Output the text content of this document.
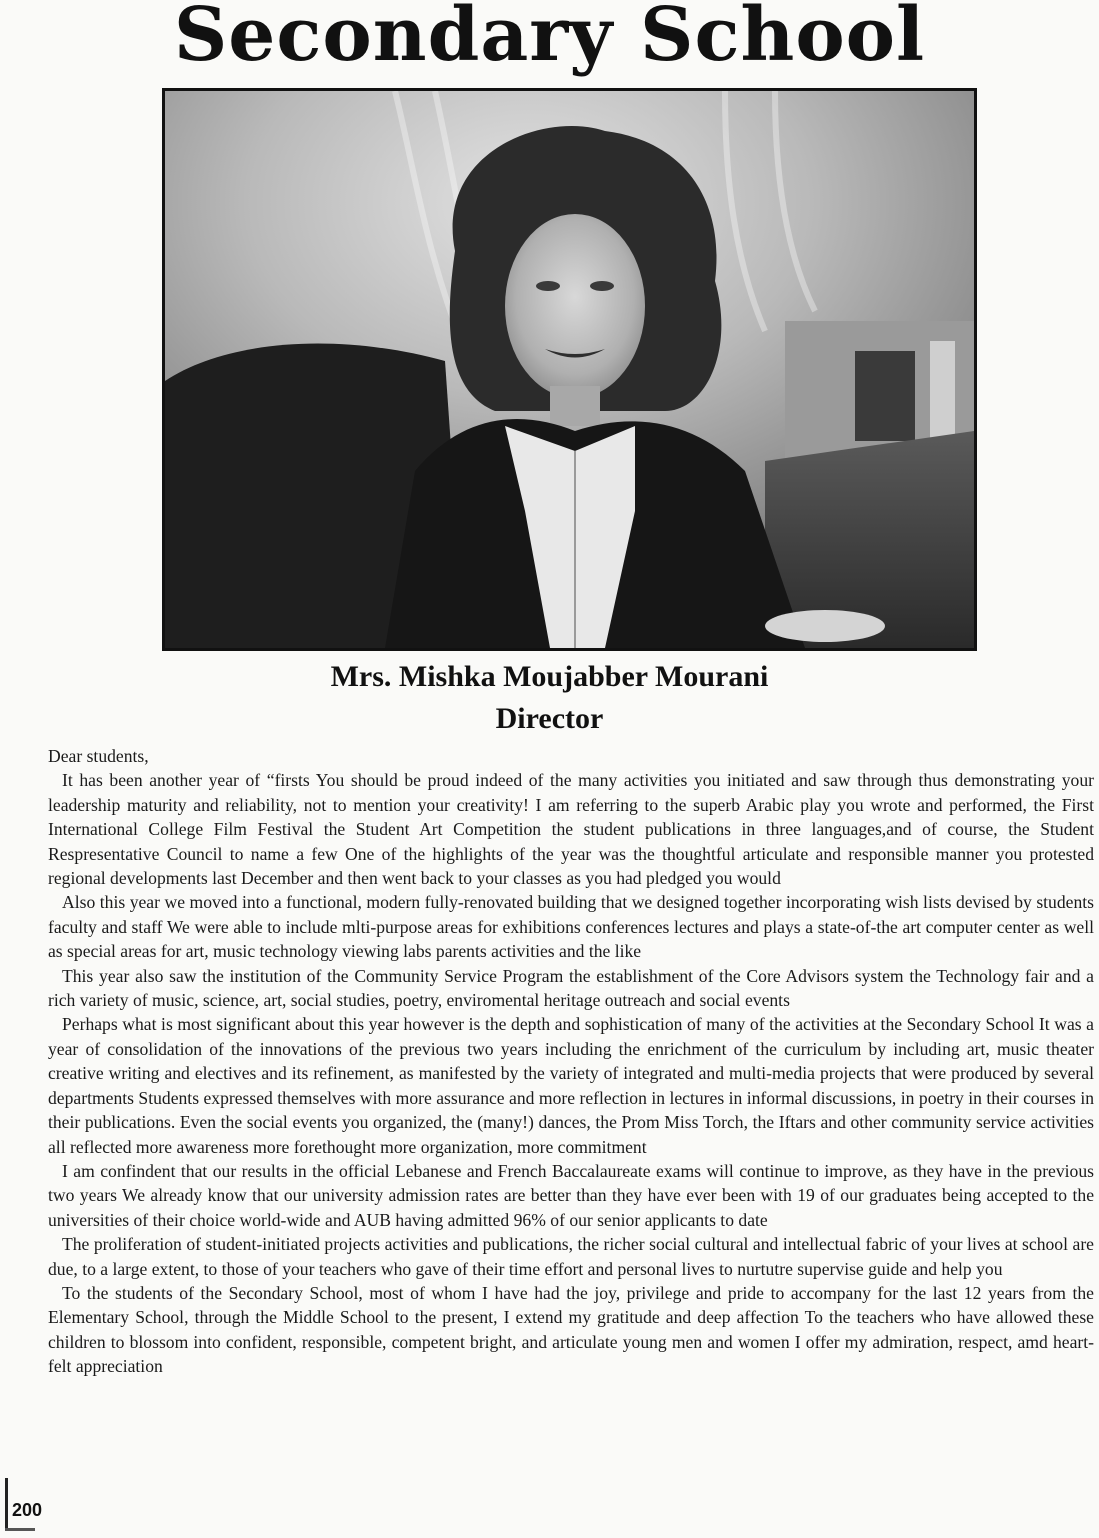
Secondary School
Mrs. Mishka Moujabber Mourani
Director

Dear students,

It has been another year of “firsts You should be proud indeed of the many activities you initiated and saw through thus demonstrating your leadership maturity and reliability, not to mention your creativity! I am referring to the superb Arabic play you wrote and performed, the First International College Film Festival the Student Art Competition the student publications in three languages,and of course, the Student Respresentative Council to name a few One of the highlights of the year was the thoughtful articulate and responsible manner you protested regional developments last December and then went back to your classes as you had pledged you would

Also this year we moved into a functional, modern fully-renovated building that we designed together incorporating wish lists devised by students faculty and staff We were able to include mlti-purpose areas for exhibitions conferences lectures and plays a state-of-the art computer center as well as special areas for art, music technology viewing labs parents activities and the like

This year also saw the institution of the Community Service Program the establishment of the Core Advisors system the Technology fair and a rich variety of music, science, art, social studies, poetry, enviromental heritage outreach and social events

Perhaps what is most significant about this year however is the depth and sophistication of many of the activities at the Secondary School It was a year of consolidation of the innovations of the previous two years including the enrichment of the curriculum by including art, music theater creative writing and electives and its refinement, as manifested by the variety of integrated and multi-media projects that were produced by several departments Students expressed themselves with more assurance and more reflection in lectures in informal discussions, in poetry in their courses in their publications. Even the social events you organized, the (many!) dances, the Prom Miss Torch, the Iftars and other community service activities all reflected more awareness more forethought more organization, more commitment

I am confindent that our results in the official Lebanese and French Baccalaureate exams will continue to improve, as they have in the previous two years We already know that our university admission rates are better than they have ever been with 19 of our graduates being accepted to the universities of their choice world-wide and AUB having admitted 96% of our senior applicants to date

The proliferation of student-initiated projects activities and publications, the richer social cultural and intellectual fabric of your lives at school are due, to a large extent, to those of your teachers who gave of their time effort and personal lives to nurtutre supervise guide and help you

To the students of the Secondary School, most of whom I have had the joy, privilege and pride to accompany for the last 12 years from the Elementary School, through the Middle School to the present, I extend my gratitude and deep affection To the teachers who have allowed these children to blossom into confident, responsible, competent bright, and articulate young men and women I offer my admiration, respect, amd heart-felt appreciation

200
